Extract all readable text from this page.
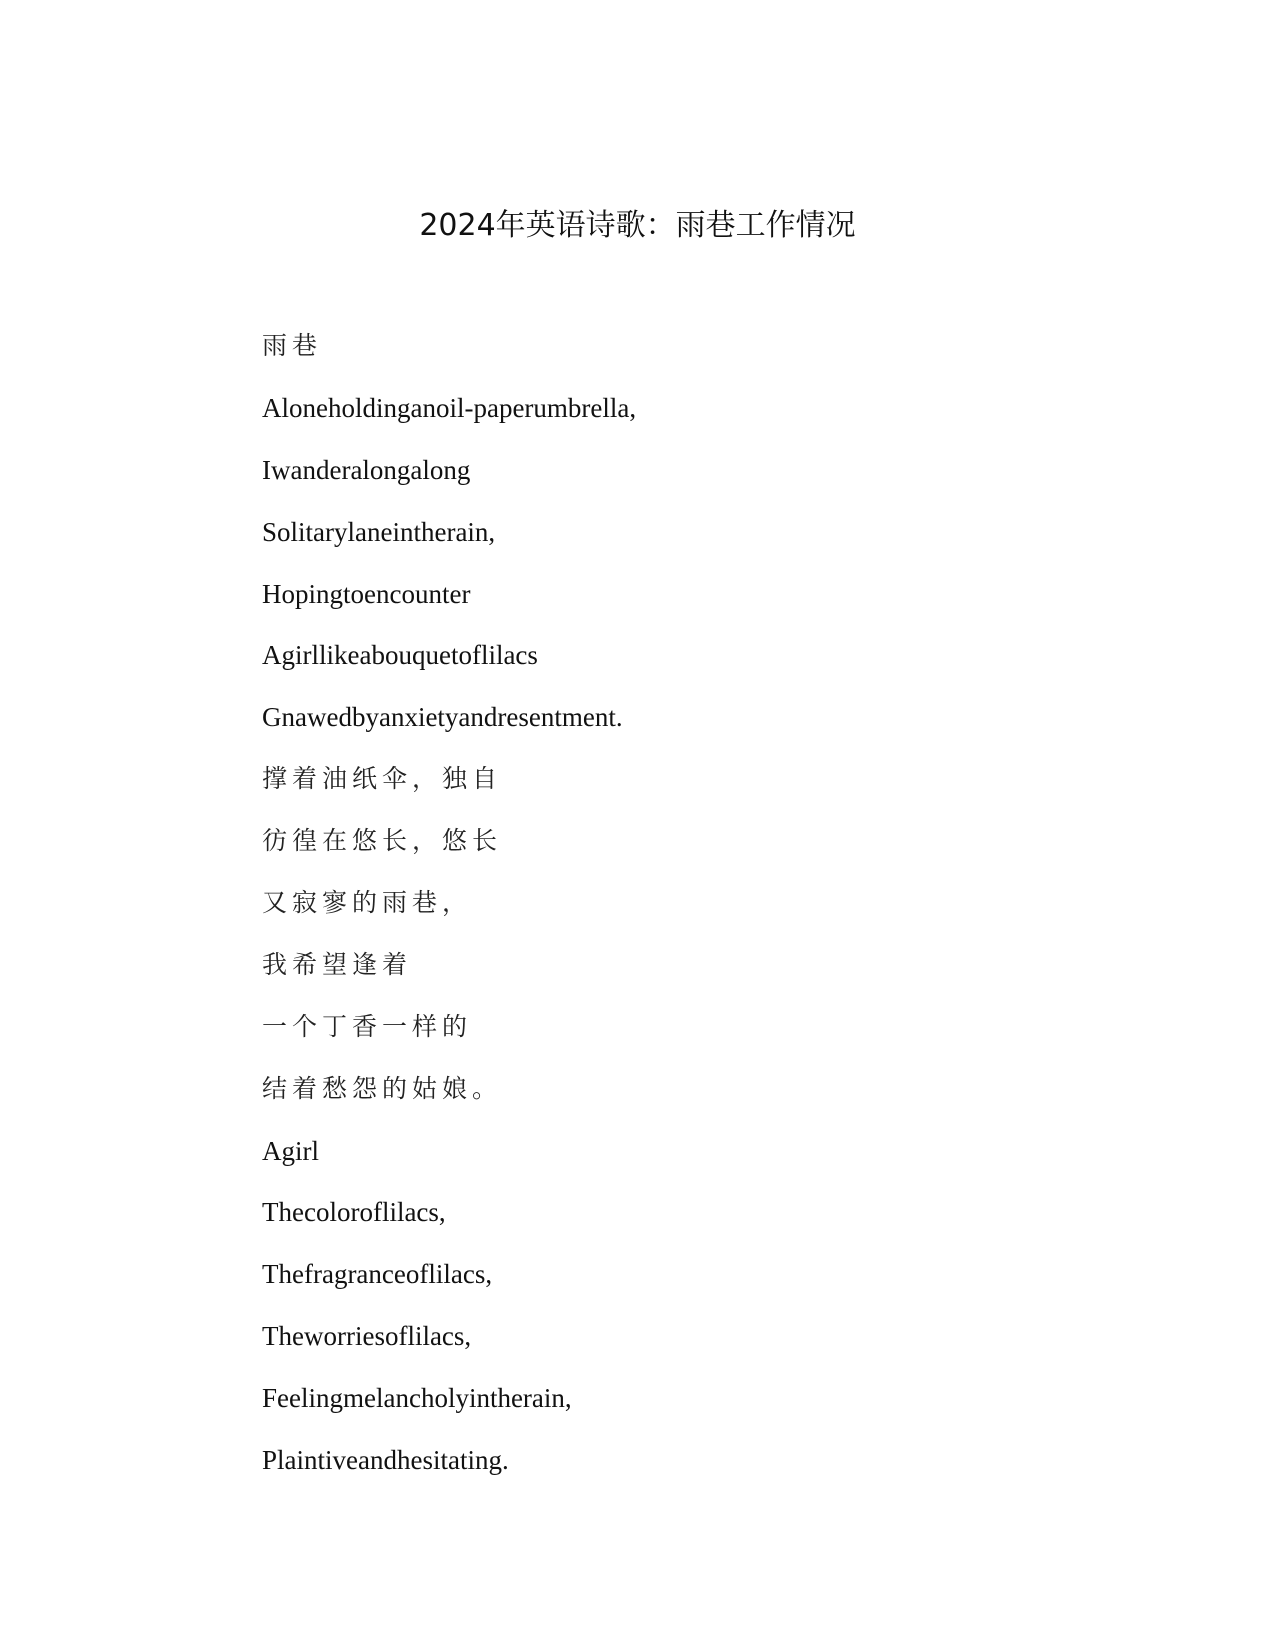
2024年英语诗歌：雨巷工作情况
雨巷
Aloneholdinganoil-paperumbrella,
Iwanderalongalong
Solitarylaneintherain,
Hopingtoencounter
Agirllikeabouquetoflilacs
Gnawedbyanxietyandresentment.
撑着油纸伞，独自
彷徨在悠长，悠长
又寂寥的雨巷，
我希望逢着
一个丁香一样的
结着愁怨的姑娘。
Agirl
Thecoloroflilacs,
Thefragranceoflilacs,
Theworriesoflilacs,
Feelingmelancholyintherain,
Plaintiveandhesitating.
